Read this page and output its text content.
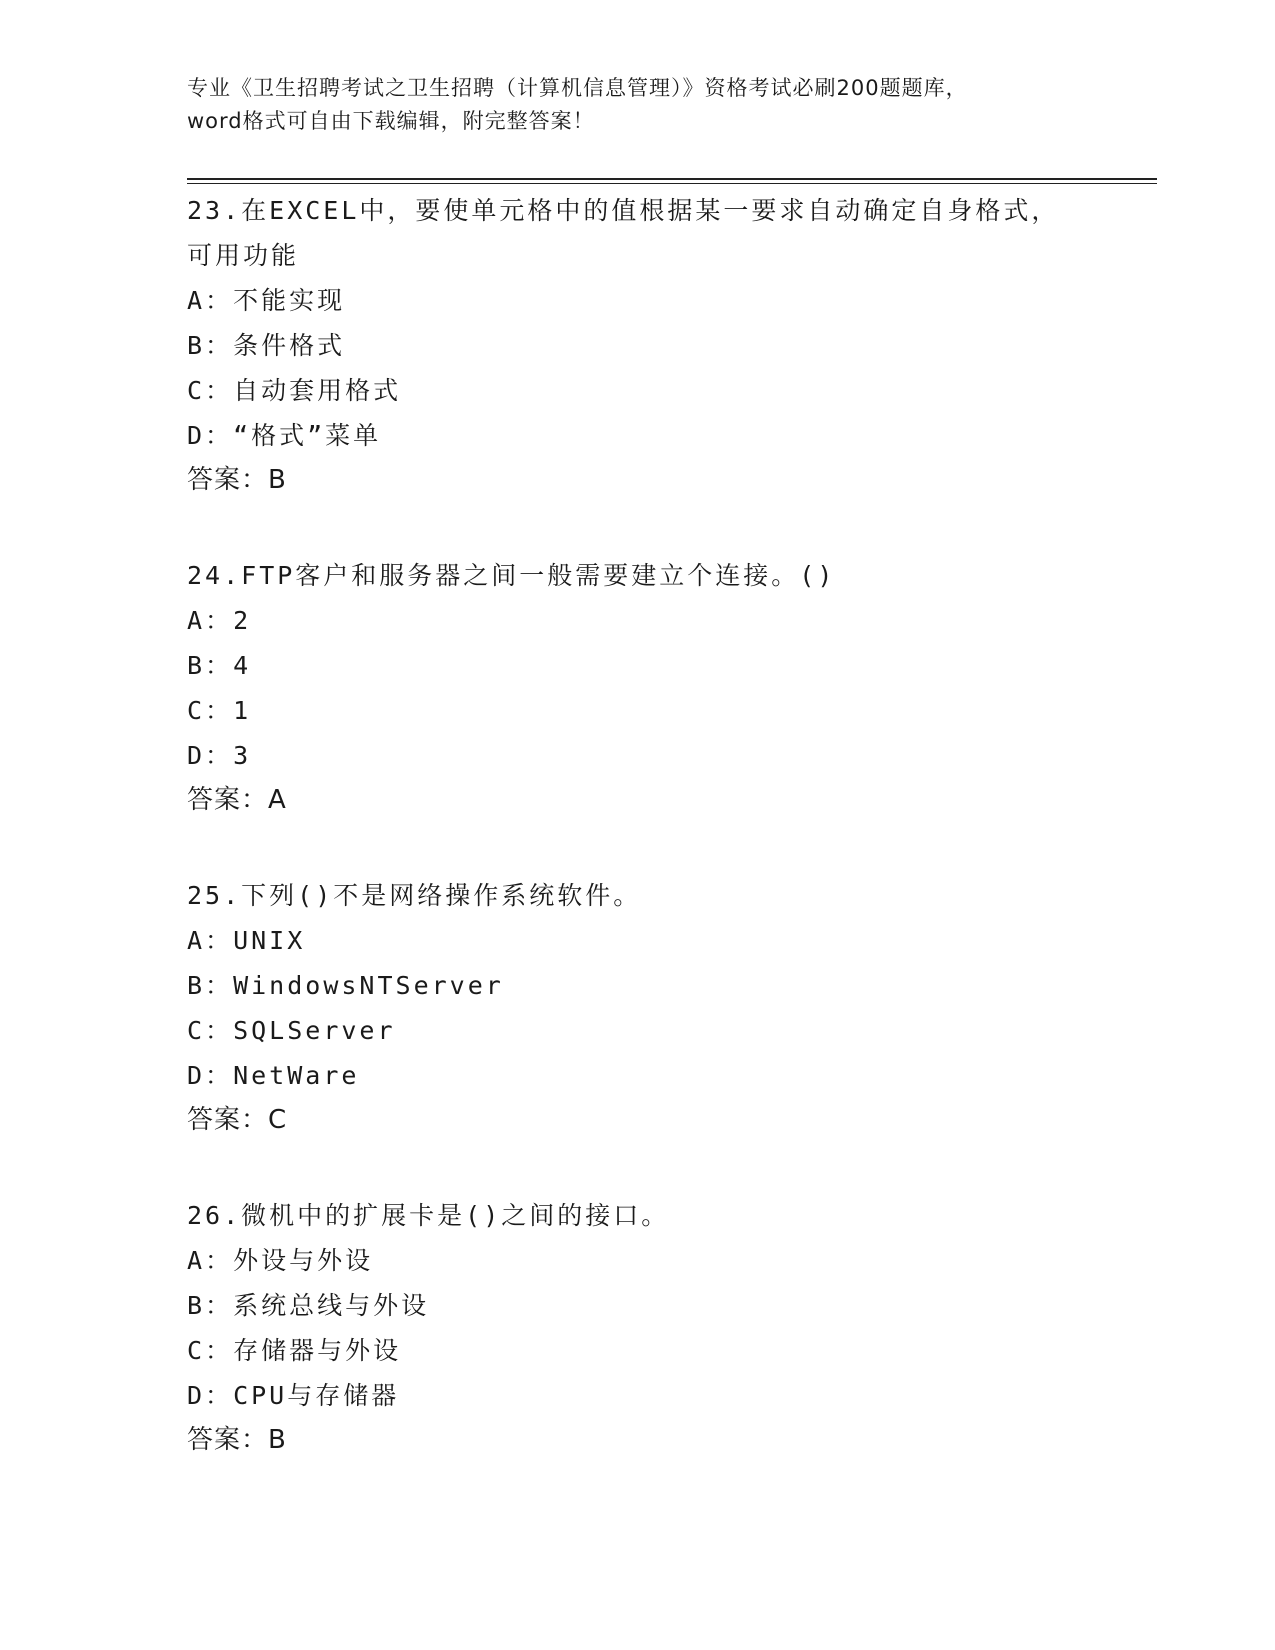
专业《卫生招聘考试之卫生招聘（计算机信息管理）》资格考试必刷200题题库，
word格式可自由下载编辑，附完整答案！

23.在EXCEL中，要使单元格中的值根据某一要求自动确定自身格式，

可用功能

A：不能实现

B：条件格式

C：自动套用格式

D：“格式”菜单

答案：B

24.FTP客户和服务器之间一般需要建立个连接。()

A：2

B：4

C：1

D：3

答案：A

25.下列()不是网络操作系统软件。

A：UNIX

B：WindowsNTServer

C：SQLServer

D：NetWare

答案：C

26.微机中的扩展卡是()之间的接口。

A：外设与外设

B：系统总线与外设

C：存储器与外设

D：CPU与存储器

答案：B
